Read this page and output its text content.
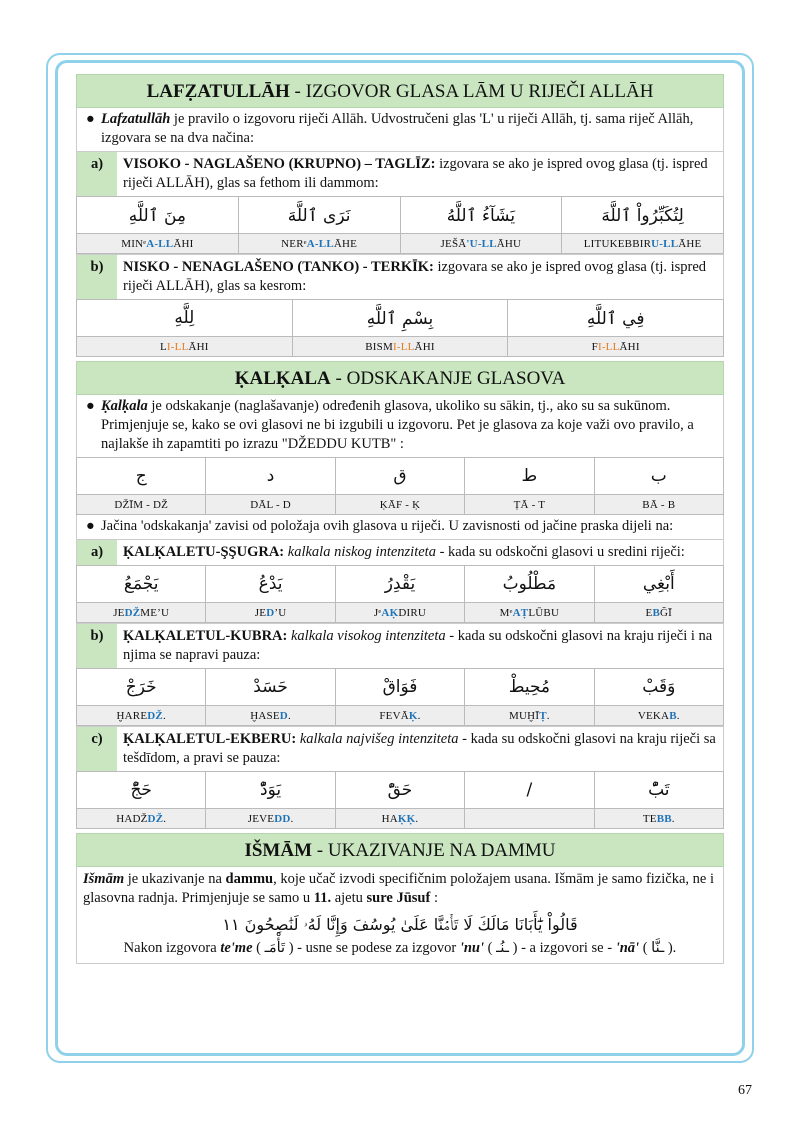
LAFẒATULLĀH - IZGOVOR GLASA LĀM U RIJEČI ALLĀH
● Lafzatullāh je pravilo o izgovoru riječi Allāh. Udvostručeni glas 'L' u riječi Allāh, tj. sama riječ Allāh, izgovara se na dva načina:
a)	VISOKO - NAGLAŠENO (KRUPNO) – TAGLĪZ: izgovara se ako je ispred ovog glasa (tj. ispred riječi ALLĀH), glas sa fethom ili dammom:
مِنَ ٱللَّهِ	نَرَى ٱللَّهَ	يَشَآءُ ٱللَّهُ	لِتُكَبِّرُواْ ٱللَّهَ
MINᵉA-LLĀHI	NERᵉA-LLĀHE	JEŠĀ'U-LLĀHU	LITUKEBBIRU-LLĀHE
b)	NISKO - NENAGLAŠENO (TANKO) - TERKĪK: izgovara se ako je ispred ovog glasa (tj. ispred riječi ALLĀH), glas sa kesrom:
لِلَّهِ	بِسْمِ ٱللَّهِ	فِي ٱللَّهِ
LI-LLĀHI	BISMI-LLĀHI	FI-LLĀHI
ḲALḲALA - ODSKAKANJE GLASOVA
● Ḳalḳala je odskakanje (naglašavanje) određenih glasova, ukoliko su sākin, tj., ako su sa sukūnom. Primjenjuje se, kako se ovi glasovi ne bi izgubili u izgovoru. Pet je glasova za koje važi ovo pravilo, a najlakše ih zapamtiti po izrazu "DŽEDDU KUTB" :
ج	د	ق	ط	ب
DŽĪM - DŽ	DĀL - D	ḲĀF - Ḳ	ṬĀ - T	BĀ - B
● Jačina 'odskakanja' zavisi od položaja ovih glasova u riječi. U zavisnosti od jačine praska dijeli na:
a)	ḲALḲALETU-ŞŞUGRA: kalkala niskog intenziteta - kada su odskočni glasovi u sredini riječi:
يَجْمَعُ	يَدْعُ	يَقْدِرُ	مَطْلُوبُ	أَبْغِي
JEDŽMEʼU	JEDʼU	JᵉAḲDIRU	MᵉAṬLŪBU	EBĞĪ
b)	ḲALḲALETUL-KUBRA: kalkala visokog intenziteta - kada su odskočni glasovi na kraju riječi i na njima se napravi pauza:
خَرَجْ	حَسَدْ	فَوَاقْ	مُحِيطْ	وَقَبْ
ḪAREDŽ.	ḪASED.	FEVĀḲ.	MUḪĪṬ.	VEKAB.
c)	ḲALḲALETUL-EKBERU: kalkala najvišeg intenziteta - kada su odskočni glasovi na kraju riječi sa tešdīdom, a pravi se pauza:
حَجّْ	يَوَدّْ	حَقّْ	/	تَبّْ
HADŽDŽ.	JEVEDD.	HAḲḲ.		TEBB.
IŠMĀM - UKAZIVANJE NA DAMMU
Išmām je ukazivanje na dammu, koje učač izvodi specifičnim položajem usana. Išmām je samo fizička, ne i glasovna radnja. Primjenjuje se samo u 11. ajetu sure Jūsuf :
قَالُواْ يَٰٓأَبَانَا مَالَكَ لَا تَأۡمَ۬نَّا عَلَىٰ يُوسُفَ وَإِنَّا لَهُۥ لَنَٰصِحُونَ ١١
Nakon izgovora te'me ( تَأْمَـ ) - usne se podese za izgovor 'nu' ( ـنُـ ) - a izgovori se - 'nā' ( ـنَّا ).
67
